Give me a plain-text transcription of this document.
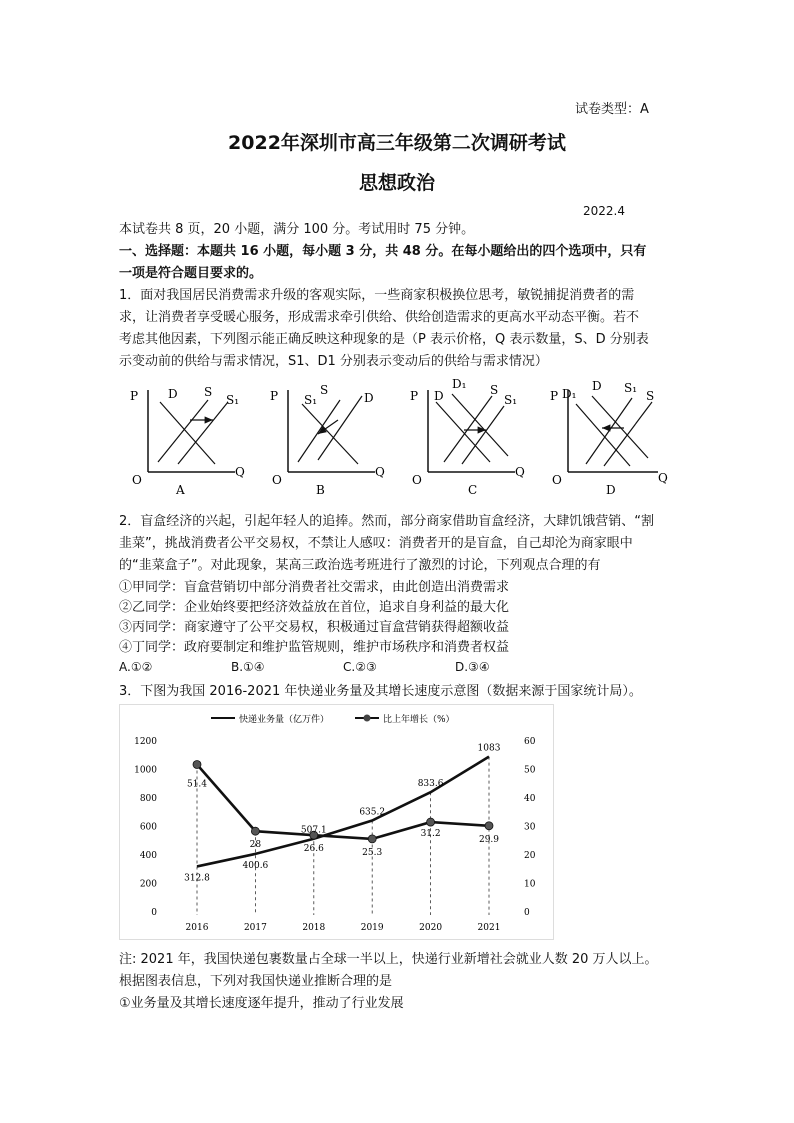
试卷类型：A
2022年深圳市高三年级第二次调研考试
思想政治
2022.4
本试卷共 8 页，20 小题，满分 100 分。考试用时 75 分钟。
一、选择题：本题共 16 小题，每小题 3 分，共 48 分。在每小题给出的四个选项中，只有
一项是符合题目要求的。
1．面对我国居民消费需求升级的客观实际，一些商家积极换位思考，敏锐捕捉消费者的需
求，让消费者享受暖心服务，形成需求牵引供给、供给创造需求的更高水平动态平衡。若不
考虑其他因素，下列图示能正确反映这种现象的是（P 表示价格，Q 表示数量，S、D 分别表
示变动前的供给与需求情况，S1、D1 分别表示变动后的供给与需求情况）
P
Q
O
D S
S₁
A
P
Q
O
S₁
S
D
B
P
Q
O
D₁
D	S
S₁
C
P
Q
O
D₁
D S₁
S
D
2．盲盒经济的兴起，引起年轻人的追捧。然而，部分商家借助盲盒经济，大肆饥饿营销、“割
韭菜”，挑战消费者公平交易权，不禁让人感叹：消费者开的是盲盒，自己却沦为商家眼中
的“韭菜盒子”。对此现象，某高三政治选考班进行了激烈的讨论，下列观点合理的有
①甲同学：盲盒营销切中部分消费者社交需求，由此创造出消费需求
②乙同学：企业始终要把经济效益放在首位，追求自身利益的最大化
③丙同学：商家遵守了公平交易权，积极通过盲盒营销获得超额收益
④丁同学：政府要制定和维护监管规则，维护市场秩序和消费者权益
A.①②	B.①④	C.②③	D.③④
3．下图为我国 2016-2021 年快递业务量及其增长速度示意图（数据来源于国家统计局）。
快递业务量（亿万件）	比上年增长（%）
0
200
400
600
800
1000
1200
0
10
20
30
40
50
60
2016	2017	2018	2019	2020	2021
312.8
400.6
507.1
635.2
833.6
1083
51.4
28	26.6	25.3
31.2
29.9
注: 2021 年，我国快递包裹数量占全球一半以上，快递行业新增社会就业人数 20 万人以上。
根据图表信息，下列对我国快递业推断合理的是
①业务量及其增长速度逐年提升，推动了行业发展
